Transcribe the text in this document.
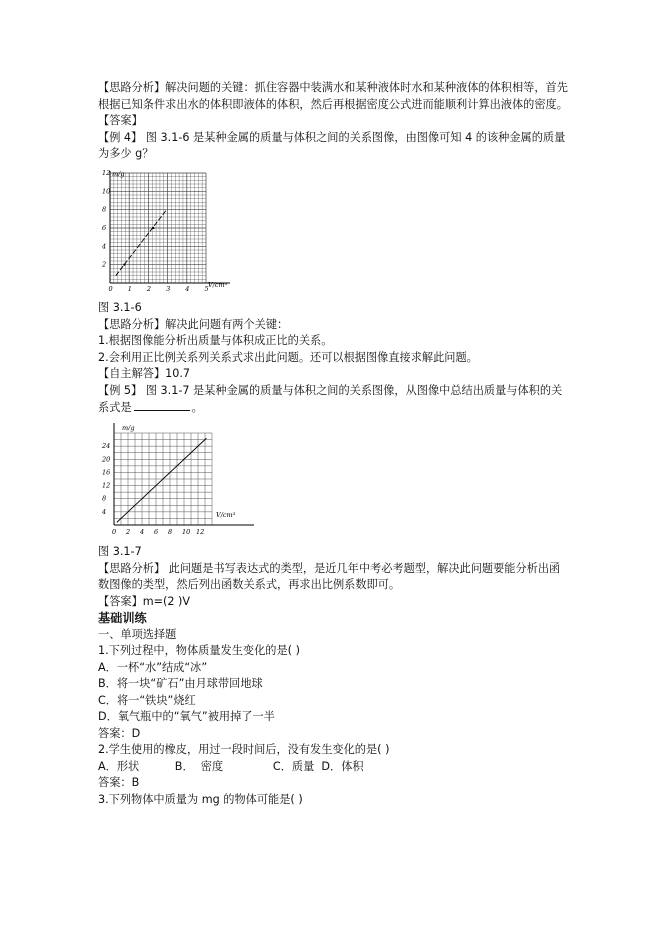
【思路分析】解决问题的关键：抓住容器中装满水和某种液体时水和某种液体的体积相等，首先根据已知条件求出水的体积即液体的体积，然后再根据密度公式进而能顺利计算出液体的密度。

【答案】

【例 4】 图 3.1-6 是某种金属的质量与体积之间的关系图像，由图像可知 4 的该种金属的质量为多少 g？

m/g
V/cm³
2
4
6
8
10
12
0 1 2 3 4 5

图 3.1-6

【思路分析】解决此问题有两个关键：

1.根据图像能分析出质量与体积成正比的关系。

2.会利用正比例关系列关系式求出此问题。还可以根据图像直接求解此问题。

【自主解答】10.7

【例 5】 图 3.1-7 是某种金属的质量与体积之间的关系图像，从图像中总结出质量与体积的关系式是	。

m/g
V/cm³
4
8
12
16
20
24
0 2 4 6 8 10 12

图 3.1-7

【思路分析】 此问题是书写表达式的类型，是近几年中考必考题型，解决此问题要能分析出函数图像的类型，然后列出函数关系式，再求出比例系数即可。

【答案】m=(2 )V

基础训练

一、单项选择题

1.下列过程中，物体质量发生变化的是( )

A．一杯“水”结成“冰”

B．将一块“矿石”由月球带回地球

C．将一“铁块”烧红

D．氧气瓶中的“氧气”被用掉了一半

答案：D

2.学生使用的橡皮，用过一段时间后，没有发生变化的是( )

A．形状          B．  密度              C．质量  D．体积

答案：B

3.下列物体中质量为 mg 的物体可能是( )
